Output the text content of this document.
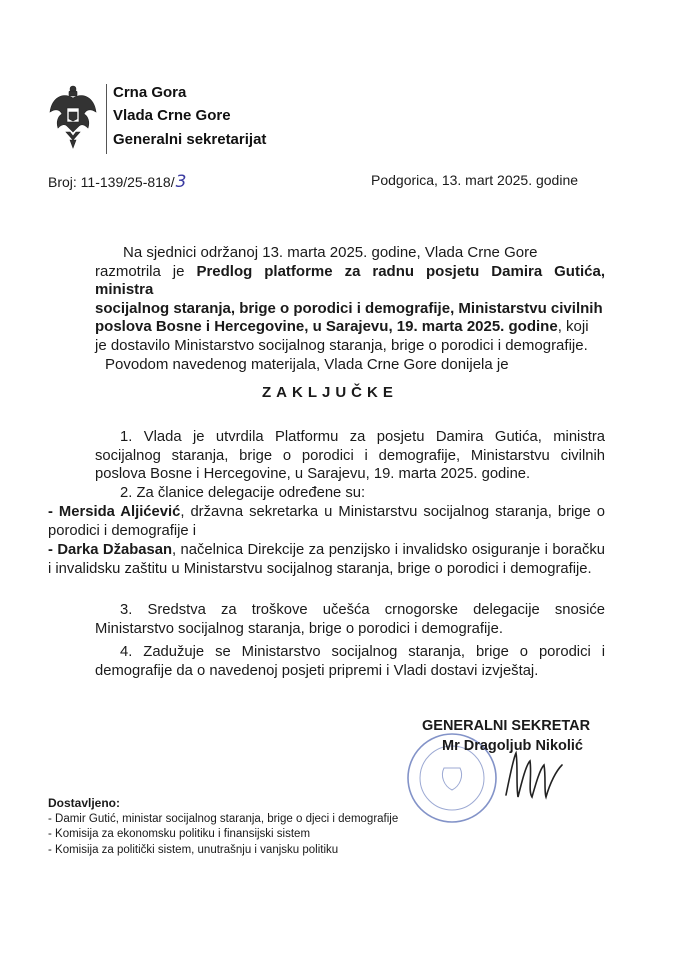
Crna Gora
Vlada Crne Gore
Generalni sekretarijat
Broj: 11-139/25-818/3	Podgorica, 13. mart 2025. godine
Na sjednici održanoj 13. marta 2025. godine, Vlada Crne Gore
razmotrila je Predlog platforme za radnu posjetu Damira Gutića, ministra
socijalnog staranja, brige o porodici i demografije, Ministarstvu civilnih
poslova Bosne i Hercegovine, u Sarajevu, 19. marta 2025. godine, koji
je dostavilo Ministarstvo socijalnog staranja, brige o porodici i demografije.
Povodom navedenog materijala, Vlada Crne Gore donijela je
ZAKLJUČKE
1. Vlada je utvrdila Platformu za posjetu Damira Gutića, ministra socijalnog staranja, brige o porodici i demografije, Ministarstvu civilnih poslova Bosne i Hercegovine, u Sarajevu, 19. marta 2025. godine.
2. Za članice delegacije određene su:
- Mersida Aljićević, državna sekretarka u Ministarstvu socijalnog staranja, brige o porodici i demografije i
- Darka Džabasan, načelnica Direkcije za penzijsko i invalidsko osiguranje i boračku i invalidsku zaštitu u Ministarstvu socijalnog staranja, brige o porodici i demografije.
3. Sredstva za troškove učešća crnogorske delegacije snosiće Ministarstvo socijalnog staranja, brige o porodici i demografije.
4. Zadužuje se Ministarstvo socijalnog staranja, brige o porodici i demografije da o navedenoj posjeti pripremi i Vladi dostavi izvještaj.
GENERALNI SEKRETAR
Mr Dragoljub Nikolić
Dostavljeno:
- Damir Gutić, ministar socijalnog staranja, brige o djeci i demografije
- Komisija za ekonomsku politiku i finansijski sistem
- Komisija za politički sistem, unutrašnju i vanjsku politiku
